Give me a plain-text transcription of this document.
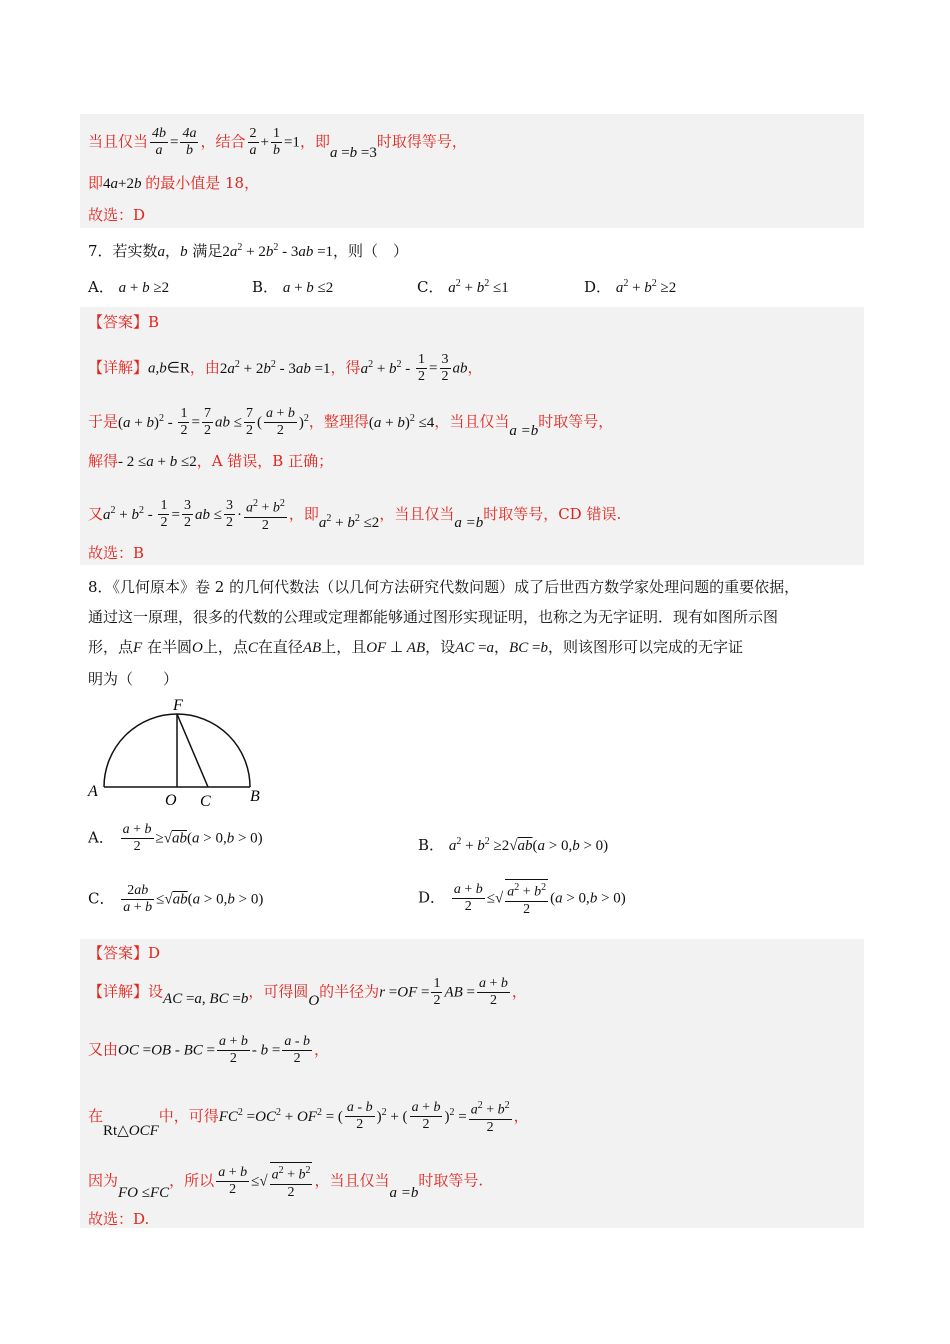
当且仅当 $\frac{4b}{a} = \frac{4a}{b}$ ，结合 $\frac{2}{a} + \frac{1}{b} =1$，即a =b =3时取得等号，
即4a+2b 的最小值是 18，
故选：D
7．若实数a，b 满足$2a^2 + 2b^2 - 3ab =1$，则（　）
A． a + b ≥2	B． a + b ≤2	C． $a^2 + b^2 \le 1$	D． $a^2 + b^2 \ge 2$
【答案】B
【详解】a,b∈R，由$2a^2 + 2b^2 - 3ab =1$，得$a^2 + b^2 - \frac{1}{2} = \frac{3}{2}$ ab，
于是$(a + b)^2 - \frac{1}{2} = \frac{7}{2}$ ab ≤ $\frac{7}{2}$ ( $\frac{a + b}{2} )^2$，整理得$(a + b)^2 \le 4$，当且仅当a =b时取等号，
解得- 2 ≤a + b ≤2，A 错误，B 正确；
又$a^2 + b^2 - \frac{1}{2} = \frac{3}{2}$ ab ≤ $\frac{3}{2} \cdot \frac{a^2 + b^2}{2}$ ，即$a^2 + b^2 \le 2$，当且仅当a =b时取等号，CD 错误.
故选：B
8．《几何原本》卷 2 的几何代数法（以几何方法研究代数问题）成了后世西方数学家处理问题的重要依据，
通过这一原理，很多的代数的公理或定理都能够通过图形实现证明，也称之为无字证明．现有如图所示图
形，点F 在半圆O上，点C在直径AB上，且OF ⊥ AB，设AC =a，BC =b，则该图形可以完成的无字证
明为（　　）
F
A
O C B
A． $\frac{a + b}{2} \ge√ab(a > 0,b > 0)$	B． $a^2 + b^2 \ge 2√ab(a > 0,b > 0)$
C． $\frac{2ab}{a + b} \le√ab(a > 0,b > 0)$	D． $\frac{a + b}{2}$ ≤√ $\frac{a^2 + b^2}{2} (a > 0,b > 0)$
【答案】D
【详解】设AC =a, BC =b，可得圆O的半径为$r =OF = \frac{1}{2}$ AB = $\frac{a + b}{2}$ ，
又由OC =OB - BC = $\frac{a + b}{2} - b = \frac{a - b}{2}$ ，
在Rt△OCF中，可得$FC^2 =OC^2 + OF^2$ = ( $\frac{a - b}{2} )^2$ + ( $\frac{a + b}{2} )^2 = \frac{a^2 + b^2}{2}$ ，
因为FO ≤FC，所以 $\frac{a + b}{2}$ ≤√ $\frac{a^2 + b^2}{2}$ ，当且仅当a =b时取等号.
故选：D.
